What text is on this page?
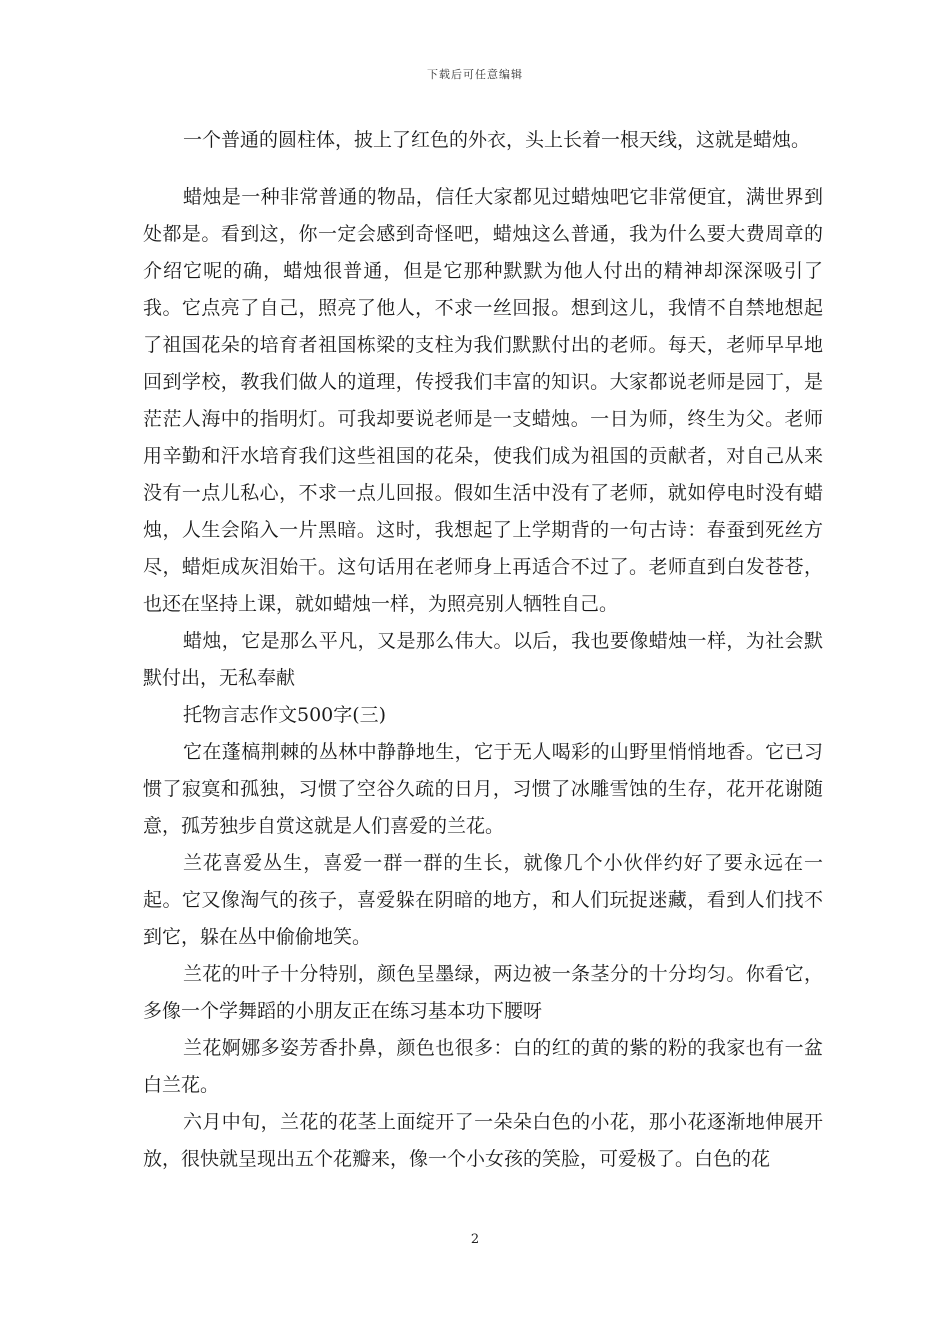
下载后可任意编辑

一个普通的圆柱体，披上了红色的外衣，头上长着一根天线，这就是蜡烛。

蜡烛是一种非常普通的物品，信任大家都见过蜡烛吧它非常便宜，满世界到处都是。看到这，你一定会感到奇怪吧，蜡烛这么普通，我为什么要大费周章的介绍它呢的确，蜡烛很普通，但是它那种默默为他人付出的精神却深深吸引了我。它点亮了自己，照亮了他人，不求一丝回报。想到这儿，我情不自禁地想起了祖国花朵的培育者祖国栋梁的支柱为我们默默付出的老师。每天，老师早早地回到学校，教我们做人的道理，传授我们丰富的知识。大家都说老师是园丁，是茫茫人海中的指明灯。可我却要说老师是一支蜡烛。一日为师，终生为父。老师用辛勤和汗水培育我们这些祖国的花朵，使我们成为祖国的贡献者，对自己从来没有一点儿私心，不求一点儿回报。假如生活中没有了老师，就如停电时没有蜡烛，人生会陷入一片黑暗。这时，我想起了上学期背的一句古诗：春蚕到死丝方尽，蜡炬成灰泪始干。这句话用在老师身上再适合不过了。老师直到白发苍苍，也还在坚持上课，就如蜡烛一样，为照亮别人牺牲自己。

蜡烛，它是那么平凡，又是那么伟大。以后，我也要像蜡烛一样，为社会默默付出，无私奉献

托物言志作文500字(三)

它在蓬槁荆棘的丛林中静静地生，它于无人喝彩的山野里悄悄地香。它已习惯了寂寞和孤独，习惯了空谷久疏的日月，习惯了冰雕雪蚀的生存，花开花谢随意，孤芳独步自赏这就是人们喜爱的兰花。

兰花喜爱丛生，喜爱一群一群的生长，就像几个小伙伴约好了要永远在一起。它又像淘气的孩子，喜爱躲在阴暗的地方，和人们玩捉迷藏，看到人们找不到它，躲在丛中偷偷地笑。

兰花的叶子十分特别，颜色呈墨绿，两边被一条茎分的十分均匀。你看它，多像一个学舞蹈的小朋友正在练习基本功下腰呀

兰花婀娜多姿芳香扑鼻，颜色也很多：白的红的黄的紫的粉的我家也有一盆白兰花。

六月中旬，兰花的花茎上面绽开了一朵朵白色的小花，那小花逐渐地伸展开放，很快就呈现出五个花瓣来，像一个小女孩的笑脸，可爱极了。白色的花

2
